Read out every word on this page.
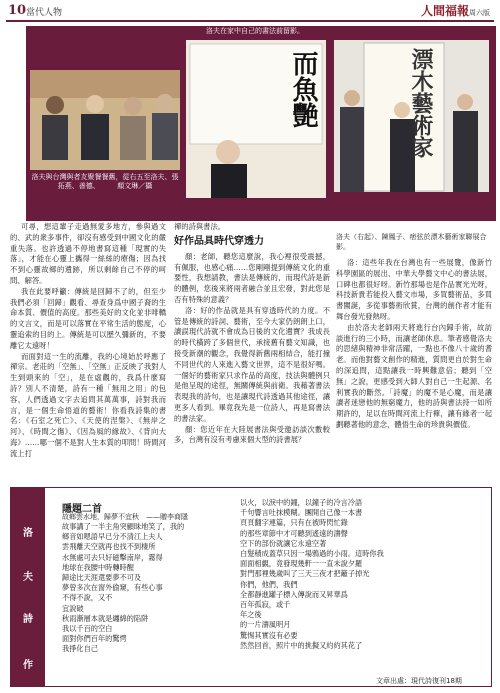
10 當代人物	人間福報周六版
洛夫與台灣與者友聚餐餐舊，從右五至洛夫、張拓燕、善德、　　　顏文琳／攝
洛夫在家中自己的書法前留影。
而魚艷	漂木藝術家
洛夫（右起）、陳鳳子、痞弦於漂木藝術家聯展合影。

可尋，想這輩子走過無愛多地方，參與過文的、武的衆多事件，卻沒有感受到中國文化的嚴重失落。也許透過不停地書寫這種「現實的失落」，才能在心靈上攜得一絲絲的療傷；因為找不到心靈故鄉的遺跡，所以剩餘自己不停的呵問、解答。

我在此要呼籲：傳統是回歸不了的，但至少我們必須「回歸」觀看、尋查身爲中國子裔的生命本質、價值的高度。那些美好的文化並非啡轎的文言文，而是可以落實在平常生活的態度，心靈追索的目的上。傳統是可以歷久彌新的，不要離它太遠呀！

而面對這一生的流離，我的心境始於呼應了禪宗。老莊的「空無」、「空無」正反映了我對人生到頭來的「空」，是在虛觀的，我爲什麼寫詩？別人不清楚，詩有一種「無用之用」的包容，人們透過文字去追問其萬萬事，詩對我而言，是一個生命悟道的藝術！你看我詩集的書名：《石室之死亡》、《天使的涅槃》、《無岸之河》、《時間之傷》、《因為風的緣故》、《背向大海》……哪一個不是對人生本質的叩問！時間河流上打

禪的詩與書法。

好作品具時代穿透力

顏：老師，聽您這麼說，我心裡很受震撼，有佩服，也感心痛……您剛剛提到傳統文化的重要性，我想請教，書法是傳統的，而現代詩是新的體例，您後來將兩者融合並且宏發，對此您是否有特殊的意義？

洛：好的作品就是具有穿透時代的力度。不管是傳統的詩詞、藝術，至今大家仍朗朗上口，讀誤現代詩就不會成為日後的文化遺寶？我成長的時代橫跨了多個世代，承接舊有藝文知識，也接受新潮的觀念，我覺得新舊兩相結合，能打撞不同世代的人來進入藝文世界，這不是很好嗎。一個好的藝術家只求作品的高度，技法與體例只是他呈現的途徑，無關傳統與前衛。我藉著書法表現我的詩句，也是讓現代詩透過其他途徑，讓更多人看到。畢竟我先是一位詩人，再是寫書法的書法家。

顏：您近年在大陸展書法與受邀訪談次數較多，台灣有沒有考慮來個大型的詩書展？

洛：這些年我在台灣也有一些展覽，像新竹科學園區的展出、中華大學藝文中心的書法展，口碑也都很好呀。新竹那場也是作品實光光呀，科技新貴若能投入藝文市場，多買藝術品，多買書闖誕，多從事藝術欣賞，台灣的創作者才能有舞台發光發熱呀。

由於洛夫老師兩天將進行台內歸手術，故訪談進行的三小時，而讓老師休息。筆者感覺洛夫的思緒與精神非常活躍，一點也不像八十歲的耆老。而他對藝文創作的精進，質問更自於對生命的深追問，這點讓我一時興難意倍；聽到「空無」之說，更感受到大師人對自己一生起源、名利實我的斷然。「詩魔」的魔不是心魔，而是讓讀者迷戀他的無窮魔力，他的詩與書法持一如所期許的，足以在時間河流上行禪，讓有緣者一起劃聽著他的意念，體悟生命的珍貴與價值。

洛
夫
詩
作
隱題二首
故鄉雲水地，歸夢不宜秋　——贈李商隱
故事講了一半主角突顧昧地笑了，我的
鄉音如嗯語早已分不清江上夫人
雲飛離天空就再也找不到棲所
水無處可去只好磁擊南岸，霧得
地球在我腰中時轉時醒
歸途比天涯還要夢不可及
夢曾多次在窗外偷窺，有些心事
不得不說，又不
宜說破
秋雨漸層本就是纏綿的陷阱
我以千百的空白
面對你們百年的驚愕
我掙化自己
以火，以淚中的鐘，以鐘子的冷言冷語
千句響言吐抹模糊。團開自己像一本書
頁頁翻字連篇，只有在被時閃忙錄
的那些章節中才可聽到遙遠的濤聲
空下的部份就讓它永遠空著
白髮積成蓋草只因一場鴉過的小雨。這時你我
面面相覷，竟發現幾軒一一直未說夕羅
對門那裡幾歲叫了三天三夜才把籬子掉光
你們，他們，我們
全都靜進罐子標入傳說而又昇華爲
百年孤寂，或千
年之後
的一片濤風明月
驚惕其實沒有必要
然然回首，照片中的挑擬又約約其花了
文章出處：現代詩復刊18期
